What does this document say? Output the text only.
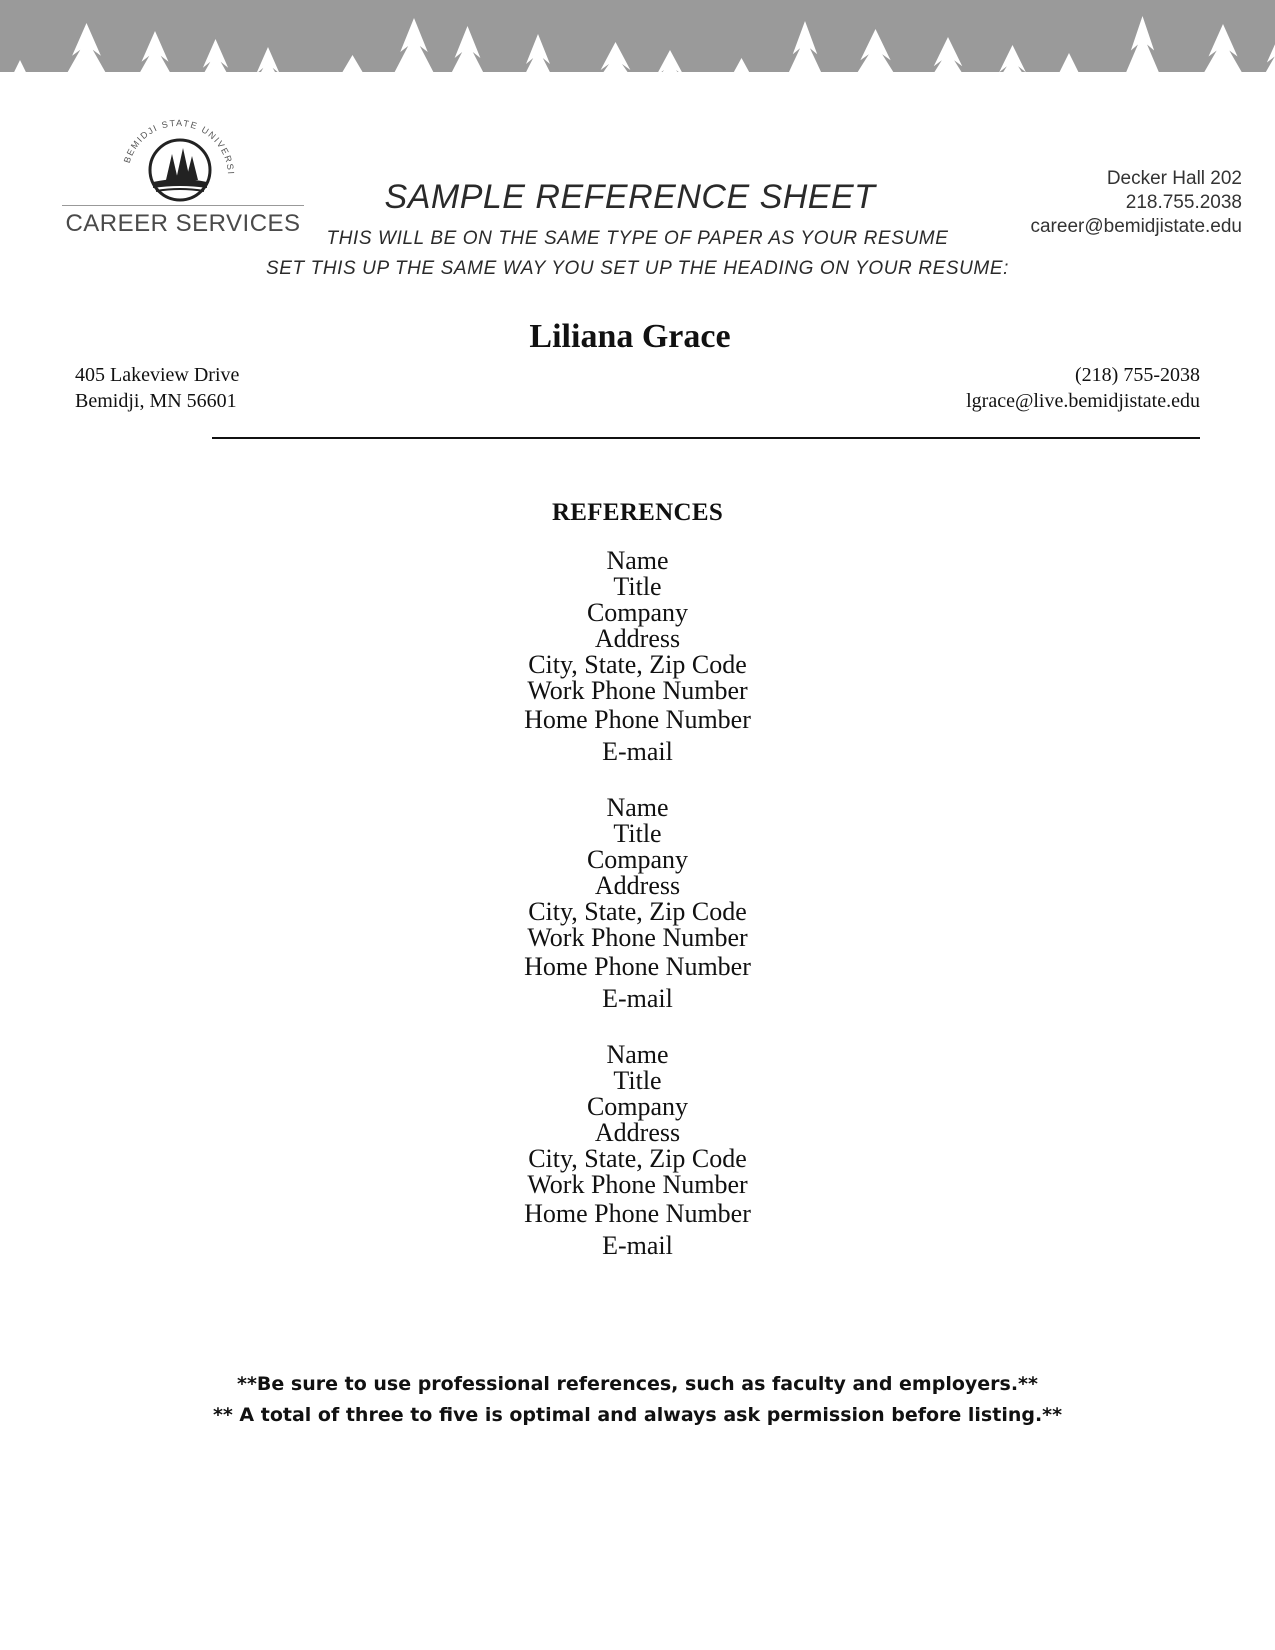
BEMIDJI STATE UNIVERSI
CAREER SERVICES
SAMPLE REFERENCE SHEET
THIS WILL BE ON THE SAME TYPE OF PAPER AS YOUR RESUME
SET THIS UP THE SAME WAY YOU SET UP THE HEADING ON YOUR RESUME:
Decker Hall 202
218.755.2038
career@bemidjistate.edu
Liliana Grace
405 Lakeview Drive
Bemidji, MN 56601
(218) 755-2038
lgrace@live.bemidjistate.edu
REFERENCES
Name
Title
Company
Address
City, State, Zip Code
Work Phone Number
Home Phone Number
E-mail
Name
Title
Company
Address
City, State, Zip Code
Work Phone Number
Home Phone Number
E-mail
Name
Title
Company
Address
City, State, Zip Code
Work Phone Number
Home Phone Number
E-mail
**Be sure to use professional references, such as faculty and employers.**
** A total of three to five is optimal and always ask permission before listing.**
